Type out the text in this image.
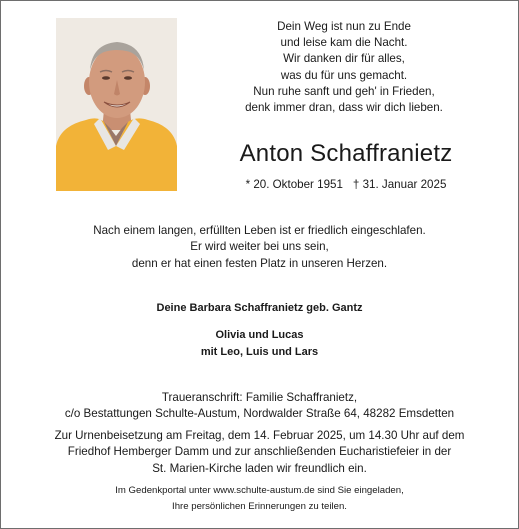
Dein Weg ist nun zu Ende
und leise kam die Nacht.
Wir danken dir für alles,
was du für uns gemacht.
Nun ruhe sanft und geh' in Frieden,
denk immer dran, dass wir dich lieben.
Anton Schaffranietz
* 20. Oktober 1951 † 31. Januar 2025
Nach einem langen, erfüllten Leben ist er friedlich eingeschlafen.
Er wird weiter bei uns sein,
denn er hat einen festen Platz in unseren Herzen.
Deine Barbara Schaffranietz geb. Gantz
Olivia und Lucas
mit Leo, Luis und Lars
Traueranschrift: Familie Schaffranietz,
c/o Bestattungen Schulte-Austum, Nordwalder Straße 64, 48282 Emsdetten
Zur Urnenbeisetzung am Freitag, dem 14. Februar 2025, um 14.30 Uhr auf dem
Friedhof Hemberger Damm und zur anschließenden Eucharistiefeier in der
St. Marien-Kirche laden wir freundlich ein.
Im Gedenkportal unter www.schulte-austum.de sind Sie eingeladen,
Ihre persönlichen Erinnerungen zu teilen.
